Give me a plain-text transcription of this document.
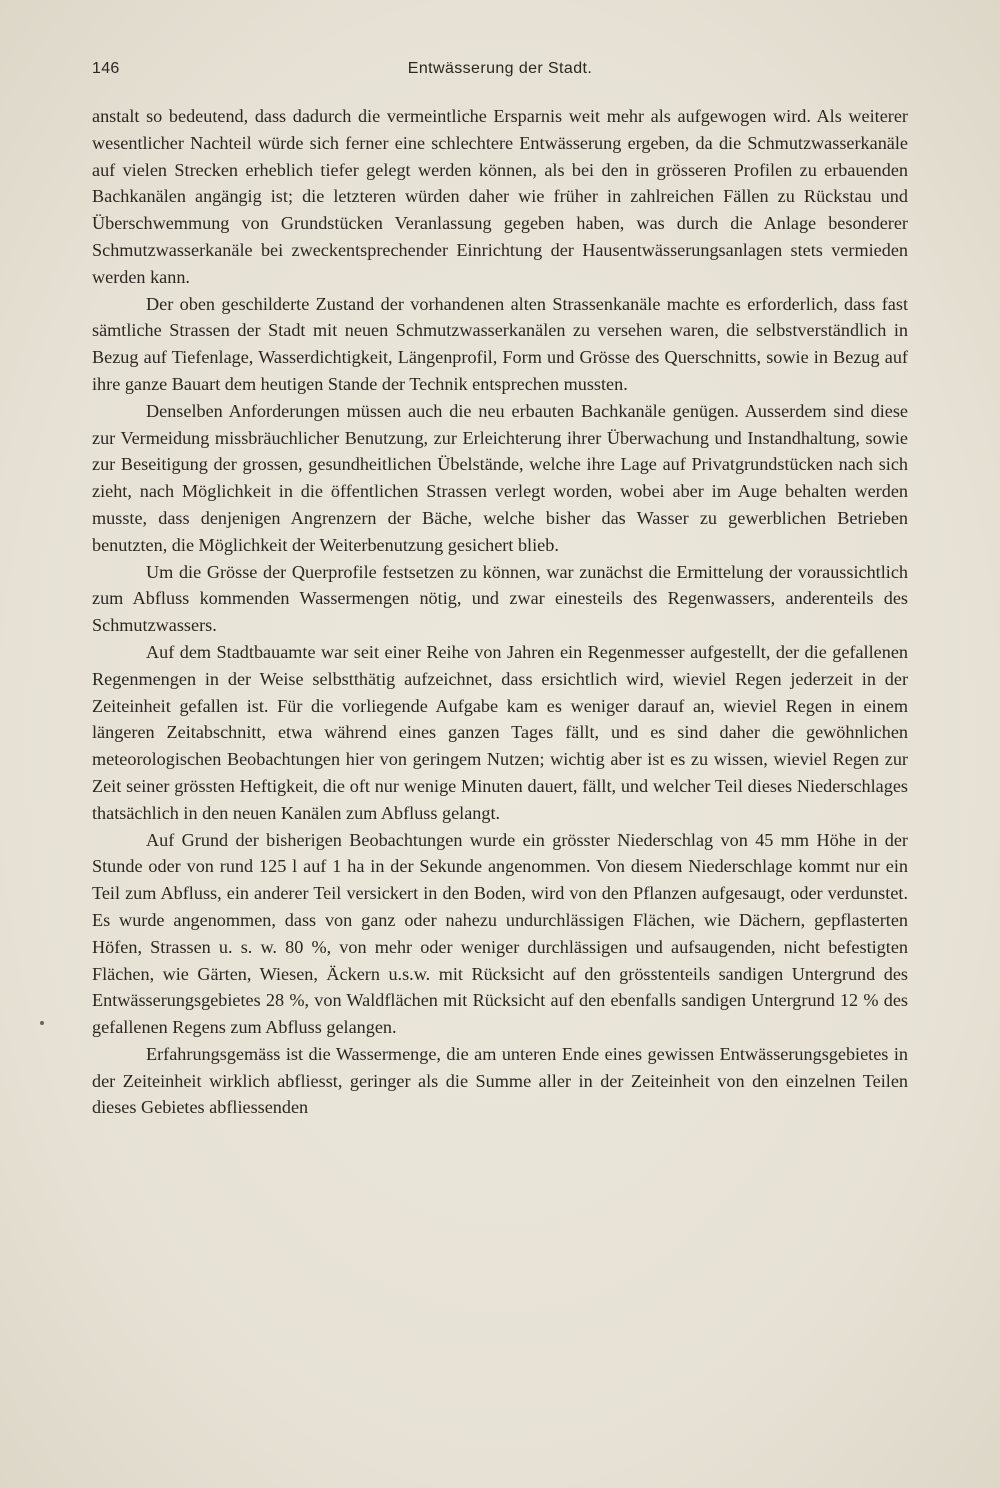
146	Entwässerung der Stadt.

anstalt so bedeutend, dass dadurch die vermeintliche Ersparnis weit mehr als aufgewogen wird. Als weiterer wesentlicher Nachteil würde sich ferner eine schlechtere Entwässerung ergeben, da die Schmutzwasserkanäle auf vielen Strecken erheblich tiefer gelegt werden können, als bei den in grösseren Profilen zu erbauenden Bachkanälen angängig ist; die letzteren würden daher wie früher in zahlreichen Fällen zu Rückstau und Überschwemmung von Grundstücken Veranlassung gegeben haben, was durch die Anlage besonderer Schmutzwasserkanäle bei zweckentsprechender Einrichtung der Hausentwässerungsanlagen stets vermieden werden kann.

Der oben geschilderte Zustand der vorhandenen alten Strassenkanäle machte es erforderlich, dass fast sämtliche Strassen der Stadt mit neuen Schmutzwasserkanälen zu versehen waren, die selbstverständlich in Bezug auf Tiefenlage, Wasserdichtigkeit, Längenprofil, Form und Grösse des Querschnitts, sowie in Bezug auf ihre ganze Bauart dem heutigen Stande der Technik entsprechen mussten.

Denselben Anforderungen müssen auch die neu erbauten Bachkanäle genügen. Ausserdem sind diese zur Vermeidung missbräuchlicher Benutzung, zur Erleichterung ihrer Überwachung und Instandhaltung, sowie zur Beseitigung der grossen, gesundheitlichen Übelstände, welche ihre Lage auf Privatgrundstücken nach sich zieht, nach Möglichkeit in die öffentlichen Strassen verlegt worden, wobei aber im Auge behalten werden musste, dass denjenigen Angrenzern der Bäche, welche bisher das Wasser zu gewerblichen Betrieben benutzten, die Möglichkeit der Weiterbenutzung gesichert blieb.

Um die Grösse der Querprofile festsetzen zu können, war zunächst die Ermittelung der voraussichtlich zum Abfluss kommenden Wassermengen nötig, und zwar einesteils des Regenwassers, anderenteils des Schmutzwassers.

Auf dem Stadtbauamte war seit einer Reihe von Jahren ein Regenmesser aufgestellt, der die gefallenen Regenmengen in der Weise selbstthätig aufzeichnet, dass ersichtlich wird, wieviel Regen jederzeit in der Zeiteinheit gefallen ist. Für die vorliegende Aufgabe kam es weniger darauf an, wieviel Regen in einem längeren Zeitabschnitt, etwa während eines ganzen Tages fällt, und es sind daher die gewöhnlichen meteorologischen Beobachtungen hier von geringem Nutzen; wichtig aber ist es zu wissen, wieviel Regen zur Zeit seiner grössten Heftigkeit, die oft nur wenige Minuten dauert, fällt, und welcher Teil dieses Niederschlages thatsächlich in den neuen Kanälen zum Abfluss gelangt.

Auf Grund der bisherigen Beobachtungen wurde ein grösster Niederschlag von 45 mm Höhe in der Stunde oder von rund 125 l auf 1 ha in der Sekunde angenommen. Von diesem Niederschlage kommt nur ein Teil zum Abfluss, ein anderer Teil versickert in den Boden, wird von den Pflanzen aufgesaugt, oder verdunstet. Es wurde angenommen, dass von ganz oder nahezu undurchlässigen Flächen, wie Dächern, gepflasterten Höfen, Strassen u. s. w. 80 %, von mehr oder weniger durchlässigen und aufsaugenden, nicht befestigten Flächen, wie Gärten, Wiesen, Äckern u.s.w. mit Rücksicht auf den grösstenteils sandigen Untergrund des Entwässerungsgebietes 28 %, von Waldflächen mit Rücksicht auf den ebenfalls sandigen Untergrund 12 % des gefallenen Regens zum Abfluss gelangen.

Erfahrungsgemäss ist die Wassermenge, die am unteren Ende eines gewissen Entwässerungsgebietes in der Zeiteinheit wirklich abfliesst, geringer als die Summe aller in der Zeiteinheit von den einzelnen Teilen dieses Gebietes abfliessenden
